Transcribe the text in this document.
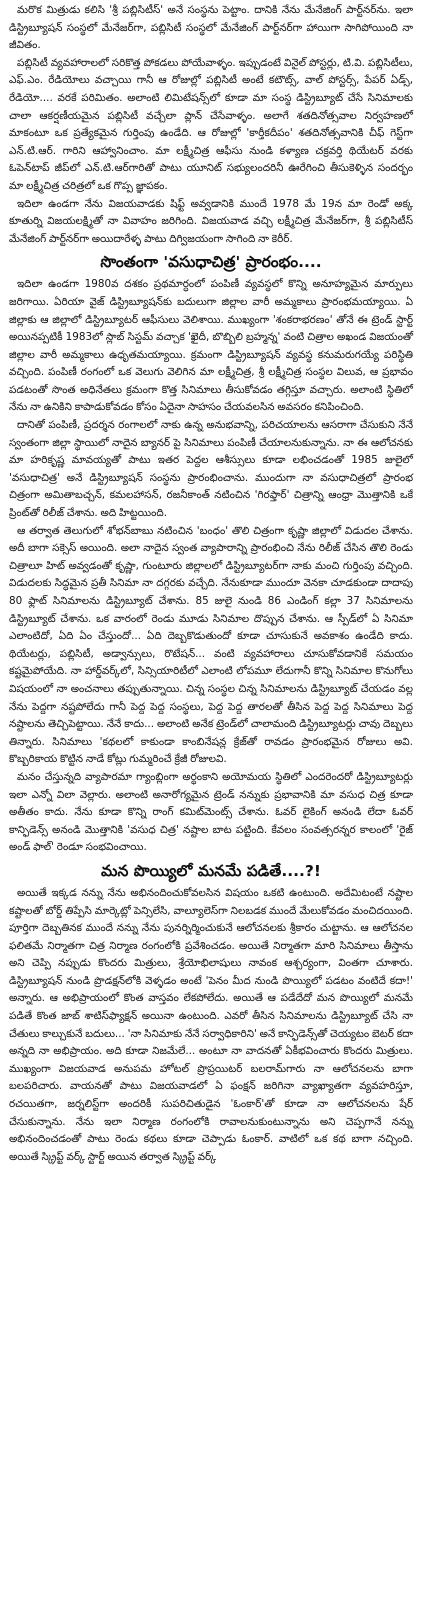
మరొక మిత్రుడు కలిసి 'శ్రీ పబ్లిసిటీస్' అనే సంస్థను పెట్టాం. దానికి నేను మేనేజింగ్ పార్ట్‌నర్‌ను. ఇలా డిస్ట్రిబ్యూషన్ సంస్థలో మేనేజర్‌గా, పబ్లిసిటీ సంస్థలో మేనేజింగ్ పార్ట్‌నర్‌గా హాయిగా సాగిపోయింది నా జీవితం.

పబ్లిసిటీ వ్యవహారాలలో సరికొత్త పోకడలు పోయేవాళ్ళం. ఇప్పుడంటే వినైల్ పోస్టర్లు, టి.వి. పబ్లిసిటీలు, ఎఫ్.ఎం. రేడియోలు వచ్చాయి గానీ ఆ రోజుల్లో పబ్లిసిటీ అంటే కటౌట్స్, వాల్ పోస్టర్స్, పేపర్ ఏడ్స్, రేడియో.... వరకే పరిమితం. అలాంటి లిమిటేషన్స్‌లో కూడా మా సంస్థ డిస్ట్రిబ్యూట్ చేసే సినిమాలకు చాలా ఆకర్షణీయమైన పబ్లిసిటీ వచ్చేలా ప్లాన్ చేసేవాళ్ళం. అలాగే శతదినోత్సవాల నిర్వహణలో మాకంటూ ఒక ప్రత్యేకమైన గుర్తింపు ఉండేది. ఆ రోజుల్లో 'కార్తీకదీపం' శతదినోత్సవానికి చీఫ్ గెస్ట్‌గా ఎన్.టి.ఆర్. గారిని ఆహ్వానించాం. మా లక్ష్మీచిత్ర ఆఫీసు నుండి కళ్యాణ చక్రవర్తి థియేటర్ వరకు ఓపెన్‌టాప్ జీప్‌లో ఎన్.టి.ఆర్‌గారితో పాటు యూనిట్ సభ్యులందరినీ ఊరేగించి తీసుకెళ్ళిన సందర్భం మా లక్ష్మీచిత్ర చరిత్రలో ఒక గొప్ప జ్ఞాపకం.

ఇదిలా ఉండగా నేను విజయవాడకు షిఫ్ట్ అవ్వడానికి ముందే 1978 మే 19న మా రెండో అక్క కూతుర్ని విజయలక్ష్మితో నా వివాహం జరిగింది. విజయవాడ వచ్చి లక్ష్మీచిత్ర మేనేజర్‌గా, శ్రీ పబ్లిసిటీస్ మేనేజింగ్ పార్ట్‌నర్‌గా అయిదారేళ్ళ పాటు దిగ్విజయంగా సాగింది నా కెరీర్.

సొంతంగా 'వసుధాచిత్ర' ప్రారంభం....

ఇదిలా ఉండగా 1980వ దశకం ప్రథమార్ధంలో పంపిణీ వ్యవస్థలో కొన్ని అనూహ్యమైన మార్పులు జరిగాయి. ఏరియా వైజ్ డిస్ట్రిబ్యూషన్‌కు బదులుగా జిల్లాల వారీ అమ్మకాలు ప్రారంభమయ్యాయి. ఏ జిల్లాకు ఆ జిల్లాలో డిస్ట్రిబ్యూటర్ ఆఫీసులు వెలిశాయి. ముఖ్యంగా 'శంకరాభరణం' తోనే ఈ ట్రెండ్ స్టార్ట్ అయినప్పటికీ 1983లో స్లాబ్ సిస్టమ్ వచ్చాక 'ఖైదీ, బొబ్బిలి బ్రహ్మన్న' వంటి చిత్రాల అఖండ విజయంతో జిల్లాల వారీ అమ్మకాలు ఉధృతమయ్యాయి. క్రమంగా డిస్ట్రిబ్యూషన్ వ్యవస్థ కనుమరుగయ్యే పరిస్థితి వచ్చింది. పంపిణీ రంగంలో ఒక వెలుగు వెలిగిన మా లక్ష్మీచిత్ర, శ్రీ లక్ష్మీచిత్ర సంస్థల విలువ, ఆ ప్రభావం పడటంతో సొంత అధినేతలు క్రమంగా కొత్త సినిమాలు తీసుకోవడం తగ్గిస్తూ వచ్చారు. అలాంటి స్థితిలో నేను నా ఉనికిని కాపాడుకోవడం కోసం ఏదైనా సాహసం చేయవలసిన అవసరం కనిపించింది.

దానితో పంపిణీ, ప్రదర్శన రంగాలలో నాకు ఉన్న అనుభవాన్ని, పరిచయాలను ఆసరాగా చేసుకుని నేనే స్వంతంగా జిల్లా స్థాయిలో నాదైన బ్యానర్ పై సినిమాలు పంపిణీ చేయాలనుకున్నాను. నా ఈ ఆలోచనకు మా హరికృష్ణ మావయ్యతో పాటు ఇతర పెద్దల ఆశీస్సులు కూడా లభించడంతో 1985 జులైలో 'వసుధాచిత్ర' అనే డిస్ట్రిబ్యూషన్ సంస్థను ప్రారంభించాను. ముందుగా నా వసుధాచిత్రలో ప్రారంభ చిత్రంగా అమితాబచ్చన్, కమలహాసన్, రజనీకాంత్ నటించిన 'గిరఫ్తార్' చిత్రాన్ని ఆంధ్రా మొత్తానికి ఒకే ప్రింట్‌తో రిలీజ్ చేశాను. అది హిట్టయింది.

ఆ తర్వాత తెలుగులో శోభన్‌బాబు నటించిన 'బంధం' తొలి చిత్రంగా కృష్ణా జిల్లాలో విడుదల చేశాను. అదీ బాగా సక్సెస్ అయింది. అలా నాదైన స్వంత వ్యాపారాన్ని ప్రారంభించి నేను రిలీజ్ చేసిన తొలి రెండు చిత్రాలూ హిట్ అవ్వడంతో కృష్ణా, గుంటూరు జిల్లాలలో డిస్ట్రిబ్యూటర్‌గా నాకు మంచి గుర్తింపు వచ్చింది. విడుదలకు సిద్ధమైన ప్రతీ సినిమా నా దగ్గరకు వచ్చేది. నేనుకూడా ముందూ వెనకా చూడకుండా దాదాపు 80 ఫ్లాట్ సినిమాలను డిస్ట్రిబ్యూట్ చేశాను. 85 జులై నుండి 86 ఎండింగ్ కల్లా 37 సినిమాలను డిస్ట్రిబ్యూట్ చేశాను. ఒక వారంలో రెండు మూడు సినిమాల దొప్పున చేశాను. ఆ స్పీడ్‌లో ఏ సినిమా ఎలాంటిదో, ఏది ఏం చేస్తుందో... ఏది దెబ్బకొడుతుందో కూడా చూసుకునే అవకాశం ఉండేది కాదు. థియేటర్లు, పబ్లిసిటీ, అడ్వాన్సులు, రొటేషన్... వంటి వ్యవహారాలు చూసుకోవడానికే సమయం కష్టమైపోయేది. నా హార్డ్‌వర్క్‌లో, సిన్సియారిటీలో ఎలాంటి లోపమూ లేదుగానీ కొన్ని సినిమాల కొనుగోలు విషయంలో నా అంచనాలు తప్పుతున్నాయి. చిన్న సంస్థల చిన్న సినిమాలను డిస్ట్రిబ్యూట్ చేయడం వల్ల నేను పెద్దగా నష్టపోలేదు గానీ పెద్ద పెద్ద సంస్థలు, పెద్ద పెద్ద తారలతో తీసిన పెద్ద పెద్ద సినిమాలు పెద్ద నష్టాలను తెచ్చిపెట్టాయి. నేనే కాదు... అలాంటి అనేక ట్రెండ్‌లో చాలామంది డిస్ట్రిబ్యూటర్లు చావు దెబ్బలు తిన్నారు. సినిమాలు 'కథలలో కాకుండా కాంబినేషన్ల క్రేజ్‌తో రావడం ప్రారంభమైన రోజులు అవి. కొబ్బరికాయ కొట్టిన నాడే కోట్లు గుమ్మరించే క్రేజీ రోజులవి.

మనం చేస్తున్నది వ్యాపారమా గ్యాంబ్లింగా అర్థంకాని అయోమయ స్థితిలో ఎందరెందరో డిస్ట్రిబ్యూటర్లు ఇలా ఎన్నో విలా వెల్లారు. అలాంటి అనారోగ్యమైన ట్రెండ్ నన్నుకు ప్రభావానికి మా వసుధ చిత్ర కూడా అతీతం కాదు. నేను కూడా కొన్ని రాంగ్ కమిట్‌మెంట్స్ చేశాను. ఓవర్ లైకింగ్ అనండి లేదా ఓవర్ కాన్ఫిడెన్స్ అనండి మొత్తానికి 'వసుధ చిత్ర' నష్టాల బాట పట్టింది. కేవలం సంవత్సరన్నర కాలంలో 'రైజ్ అండ్ ఫాల్' రెండూ సంభవించాయి.

మన పొయ్యిలో మనమే పడితే....?!

అయితే ఇక్కడ నన్ను నేను అభినందించుకోవలసిన విషయం ఒకటి ఉంటుంది. అదేమిటంటే నష్టాల కష్టాలతో బోర్డ్ తిప్పేసి మార్కెట్లో పెన్సిలేసి, వాల్యూలెస్‌గా నిలబడక ముందే మేలుకోవడం మంచిదయింది. పూర్తిగా దెబ్బతినక ముందే నన్ను నేను పునర్నిర్మించుకునే ఆలోచనలకు శ్రీకారం చుట్టాను. ఆ ఆలోచనల ఫలితమే నిర్మాతగా చిత్ర నిర్మాణ రంగంలోకి ప్రవేశించడం. అయితే నిర్మాతగా మారి సినిమాలు తీస్తాను అని చెప్పి నప్పుడు కొందరు మిత్రులు, శ్రేయోభిలాషులు నావంక ఆశ్చర్యంగా, వింతగా చూశారు. డిస్ట్రిబ్యూషన్ నుండి ప్రొడక్షన్‌లోకి వెళ్ళడం అంటే 'పెనం మీద నుండి పొయ్యిలో పడటం వంటిదే కదా!' అన్నారు. ఆ అభిప్రాయంలో కొంత వాస్తవం లేకపోలేదు. అయితే ఆ పడేదేదో మన పొయ్యిలో మనమే పడితే కొంత జాబ్ శాటిస్‌ఫ్యాక్షన్ అయినా ఉంటుంది. ఎవరో తీసిన సినిమాలను డిస్ట్రిబ్యూట్ చేసి నా చేతులు కాల్చుకునే బదులు... 'నా సినిమాకు నేనే సర్వాధికారిని' అనే కాన్ఫిడెన్స్‌తో చెయ్యటం బెటర్ కదా అన్నది నా అభిప్రాయం. అది కూడా నిజమేలే... అంటూ నా వాదనతో ఏకీభవించారు కొందరు మిత్రులు. ముఖ్యంగా విజయవాడ అనుపమ హోటల్ ప్రొప్రయిటర్ బలరామ్‌గారు నా ఆలోచనలను బాగా బలపరిచారు. వాయనతో పాటు విజయవాడలో ఏ ఫంక్షన్ జరిగినా వ్యాఖ్యాతగా వ్యవహరిస్తూ, రచయితగా, జర్నలిస్ట్‌గా అందరికీ సుపరిచితుడైన 'ఓంకార్'తో కూడా నా ఆలోచనలను షేర్ చేసుకున్నాను. నేను ఇలా నిర్మాణ రంగంలోకి రావాలనుకుంటున్నాను అని చెప్పగానే నన్ను అభినందించడంతో పాటు రెండు కథలు కూడా చెప్పాడు ఓంకార్. వాటిలో ఒక కథ బాగా నచ్చింది. అయితే స్క్రిప్ట్ వర్క్ స్టార్ట్ అయిన తర్వాత స్క్రిప్ట్ వర్క్
